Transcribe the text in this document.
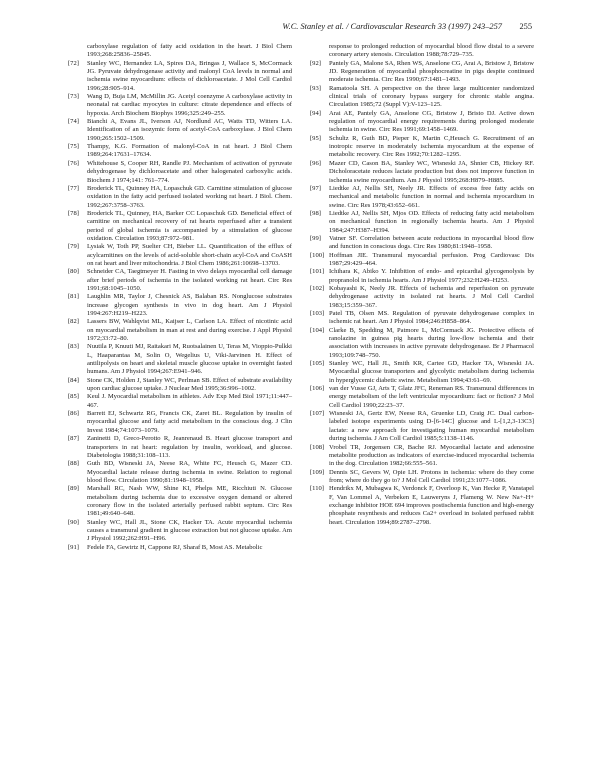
W.C. Stanley et al. / Cardiovascular Research 33 (1997) 243–257 255
carboxylase regulation of fatty acid oxidation in the heart. J Biol Chem 1993;268:25836–25845.
[72] Stanley WC, Hernandez LA, Spires DA, Bringas J, Wallace S, McCormack JG. Pyruvate dehydrogenase activity and malonyl CoA levels in normal and ischemia swine myocardium: effects of dichloroacetate. J Mol Cell Cardiol 1996;28:905–914.
[73] Wang D, Buja LM, McMillin JG. Acetyl coenzyme A carboxylase activity in neonatal rat cardiac myocytes in culture: citrate dependence and effects of hypoxia. Arch Biochem Biophys 1996;325:249–255.
[74] Bianchi A, Evans JL, Iverson AJ, Nordlund AC, Watts TD, Witters LA. Identification of an isozymic form of acetyl-CoA carboxylase. J Biol Chem 1990;265:1502–1509.
[75] Thampy, K.G. Formation of malonyl-CoA in rat heart. J Biol Chem 1989;264:17631–17634.
[76] Whitehouse S, Cooper RH, Randle PJ. Mechanism of activation of pyruvate dehydrogenase by dichloroacetate and other halogenated carboxylic acids. Biochem J 1974;141: 761–774.
[77] Broderick TL, Quinney HA, Lopaschuk GD. Carnitine stimulation of glucose oxidation in the fatty acid perfused isolated working rat heart. J Biol. Chem. 1992;267:3758–3763.
[78] Broderick TL, Quinney, HA, Barker CC Lopaschuk GD. Beneficial effect of carnitine on mechanical recovery of rat hearts reperfused after a transient period of global ischemia is accompanied by a stimulation of glucose oxidation. Circulation 1993;87:972–981.
[79] Lysiak W, Toth PP, Suelter CH, Bieber LL. Quantification of the efflux of acylcarnitines on the levels of acid-soluble short-chain acyl-CoA and CoASH on rat heart and liver mitochondria. J Biol Chem 1986;261:10698–13703.
[80] Schneider CA, Taegtmeyer H. Fasting in vivo delays myocardial cell damage after brief periods of ischemia in the isolated working rat heart. Circ Res 1991;68:1045–1050.
[81] Laughlin MR, Taylor J, Chesnick AS, Balaban RS. Nonglucose substrates increase glycogen synthesis in vivo in dog heart. Am J Physiol 1994:267:H219–H223.
[82] Lassers BW, Wahlqvist ML, Kaijser L, Carlson LA. Effect of nicotinic acid on myocardial metabolism in man at rest and during exercise. J Appl Physiol 1972;33:72–80.
[83] Nuutila P, Knuuti MJ, Raitakari M, Ruotsalainen U, Teras M, Vioppio-Pulkki L, Haaparantaa M, Solin O, Wegelius U, Viki-Jarvinen H. Effect of antilipolysis on heart and skeletal muscle glucose uptake in overnight fasted humans. Am J Physiol 1994;267:E941–946.
[84] Stone CK, Holden J, Stanley WC, Perlman SB. Effect of substrate availability upon cardiac glucose uptake. J Nuclear Med 1995;36:996–1002.
[85] Keul J. Myocardial metabolism in athletes. Adv Exp Med Biol 1971;11:447–467.
[86] Barrett EJ, Schwartz RG, Francis CK, Zaret BL. Regulation by insulin of myocardial glucose and fatty acid metabolism in the conscious dog. J Clin Invest 1984;74:1073–1079.
[87] Zaninetti D, Greco-Perotto R, Jeanrenaud B. Heart glucose transport and transporters in rat heart: regulation by insulin, workload, and glucose. Diabetologia 1988;31:108–113.
[88] Guth BD, Wisneski JA, Neese RA, White FC, Heusch G, Mazer CD. Myocardial lactate release during ischemia in swine. Relation to regional blood flow. Circulation 1990;81:1948–1958.
[89] Marshall RC, Nash WW, Shine KI, Phelps ME, Ricchiuti N. Glucose metabolism during ischemia due to excessive oxygen demand or altered coronary flow in the isolated arterially perfused rabbit septum. Circ Res 1981;49:640–648.
[90] Stanley WC, Hall JL, Stone CK, Hacker TA. Acute myocardial ischemia causes a transmural gradient in glucose extraction but not glucose uptake. Am J Physiol 1992;262:H91–H96.
[91] Fedele FA, Gewirtz H, Cappone RJ, Sharaf B, Most AS. Metabolic
response to prolonged reduction of myocardial blood flow distal to a severe coronary artery stenosis. Circulation 1988;78:729–735.
[92] Pantely GA, Malone SA, Rhen WS, Anselone CG, Arai A, Bristow J, Bristow JD. Regeneration of myocardial phosphocreatine in pigs despite continued moderate ischemia. Circ Res 1990;67:1481–1493.
[93] Ramatoola SH. A perspective on the three large multicenter randomized clinical trials of coronary bypass surgery for chronic stable angina. Circulation 1985;72 (Suppl V):V-123–125.
[94] Arai AE, Pantely GA, Anselone CG, Bristow J, Bristo DJ. Active down regulation of myocardial energy requirements during prolonged moderate ischemia in swine. Circ Res 1991;69:1458–1469.
[95] Schultz R, Guth BD, Pieper K, Martin C,Heusch G. Recruitment of an inotropic reserve in moderately ischemia myocardium at the expense of metabolic recovery. Circ Res 1992;70:1282–1295.
[96] Mazer CD, Cason BA, Stanley WC, Wisneski JA, Shnier CB, Hickey RF. Dicholoracetate reduces lactate production but does not improve function in ischemia swine myocardium. Am J Physiol 1995;268:H879–H885.
[97] Liedtke AJ, Nellis SH, Neely JR. Effects of excess free fatty acids on mechanical and metabolic function in normal and ischemia myocardium in swine. Circ Res 1978;43:652–661.
[98] Liedtke AJ, Nellis SH, Mjos OD. Effects of reducing fatty acid metabolism on mechanical function in regionally ischemia hearts. Am J Physiol 1984;247:H387–H394.
[99] Vatner SF. Correlation between acute reductions in myocardial blood flow and function in conscious dogs. Circ Res 1980;81:1948–1958.
[100] Hoffman JIE. Transmural myocardial perfusion. Prog Cardiovasc Dis 1987;29:429–464.
[101] Ichihara K, Abiko Y. Inhibition of endo- and epicardial glycogenolysis by propranolol in ischemia hearts. Am J Physiol 1977;232:H249–H253.
[102] Kobayashi K, Neely JR. Effects of ischemia and reperfusion on pyruvate dehydrogenase activity in isolated rat hearts. J Mol Cell Cardiol 1983;15:359–367.
[103] Patel TB, Olsen MS. Regulation of pyruvate dehydrogenase complex in ischemic rat heart. Am J Physiol 1984;246:H858–864.
[104] Clarke B, Spedding M, Patmore L, McCormack JG. Protective effects of ranolazine in guinea pig hearts during low-flow ischemia and their association with increases in active pyruvate dehydrogenase. Br J Pharmacol 1993;109:748–750.
[105] Stanley WC, Hall JL, Smith KR, Cartee GD, Hacker TA, Wisneski JA. Myocardial glucose transporters and glycolytic metabolism during ischemia in hyperglycemic diabetic swine. Metabolism 1994;43:61–69.
[106] van der Vusse GJ, Arts T, Glatz JFC, Reneman RS. Transmural differences in energy metabolism of the left ventricular myocardium: fact or fiction? J Mol Cell Cardiol 1990;22:23–37.
[107] Wisneski JA, Gertz EW, Neese RA, Gruenke LD, Craig JC. Dual carbon-labeled isotope experiments using D-[6-14C] glucose and L-[1,2,3-13C3] lactate: a new approach for investigating human myocardial metabolism during ischemia. J Am Coll Cardiol 1985;5:1138–1146.
[108] Vrobel TR, Jorgensen CR, Bache RJ. Myocardial lactate and adenosine metabolite production as indicators of exercise-induced myocardial ischemia in the dog. Circulation 1982;66:555–561.
[109] Dennis SC, Gevers W, Opie LH. Protons in ischemia: where do they come from; where do they go to? J Mol Cell Cardiol 1991;23:1077–1086.
[110] Hendrikx M, Mubagwa K, Verdonck F, Overloop K, Van Hecke P, Vanstapel F, Van Lommel A, Verbeken E, Lauweryns J, Flameng W. New Na+-H+ exchange inhibitor HOE 694 improves postischemia function and high-energy phosphate resynthesis and reduces Ca2+ overload in isolated perfused rabbit heart. Circulation 1994;89:2787–2798.
